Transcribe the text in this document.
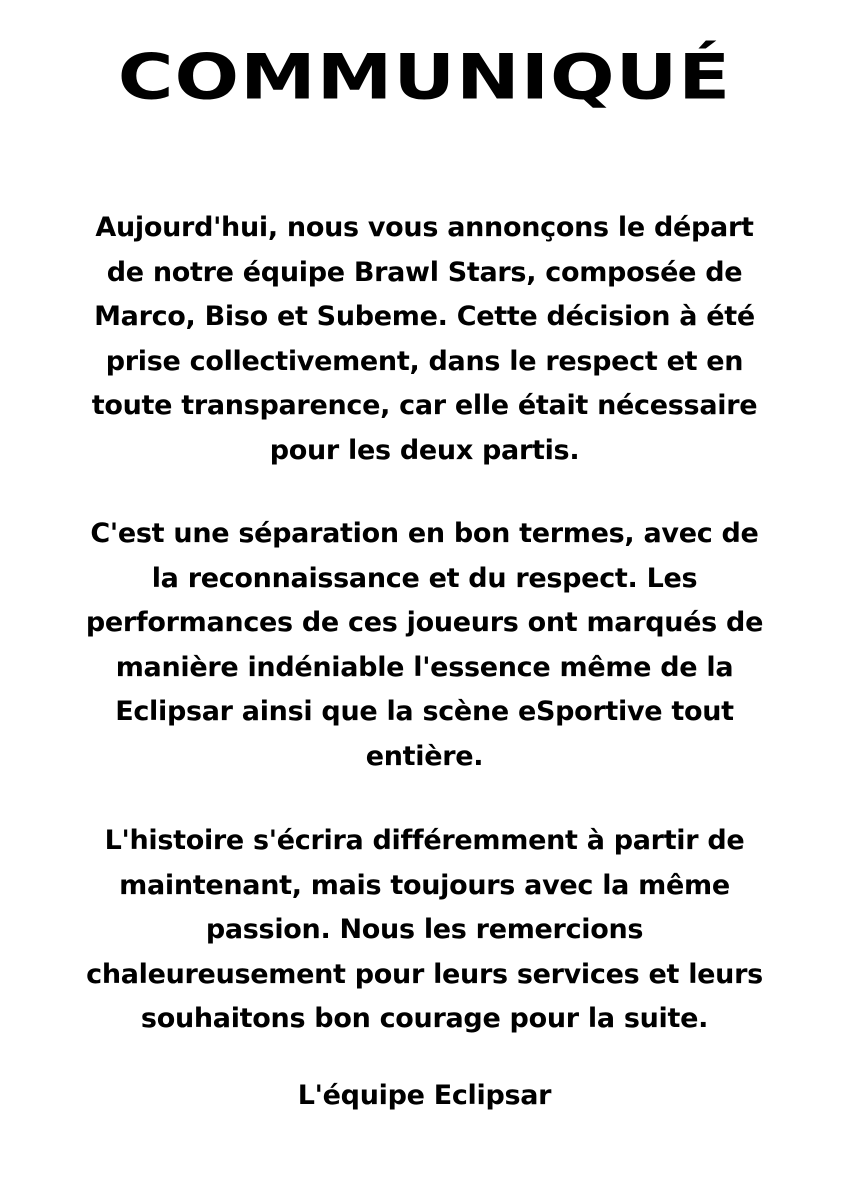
COMMUNIQUÉ

Aujourd'hui, nous vous annonçons le départ
de notre équipe Brawl Stars, composée de
Marco, Biso et Subeme. Cette décision à été
prise collectivement, dans le respect et en
toute transparence, car elle était nécessaire
pour les deux partis.

C'est une séparation en bon termes, avec de
la reconnaissance et du respect. Les
performances de ces joueurs ont marqués de
manière indéniable l'essence même de la
Eclipsar ainsi que la scène eSportive tout
entière.

L'histoire s'écrira différemment à partir de
maintenant, mais toujours avec la même
passion. Nous les remercions
chaleureusement pour leurs services et leurs
souhaitons bon courage pour la suite.

L'équipe Eclipsar
